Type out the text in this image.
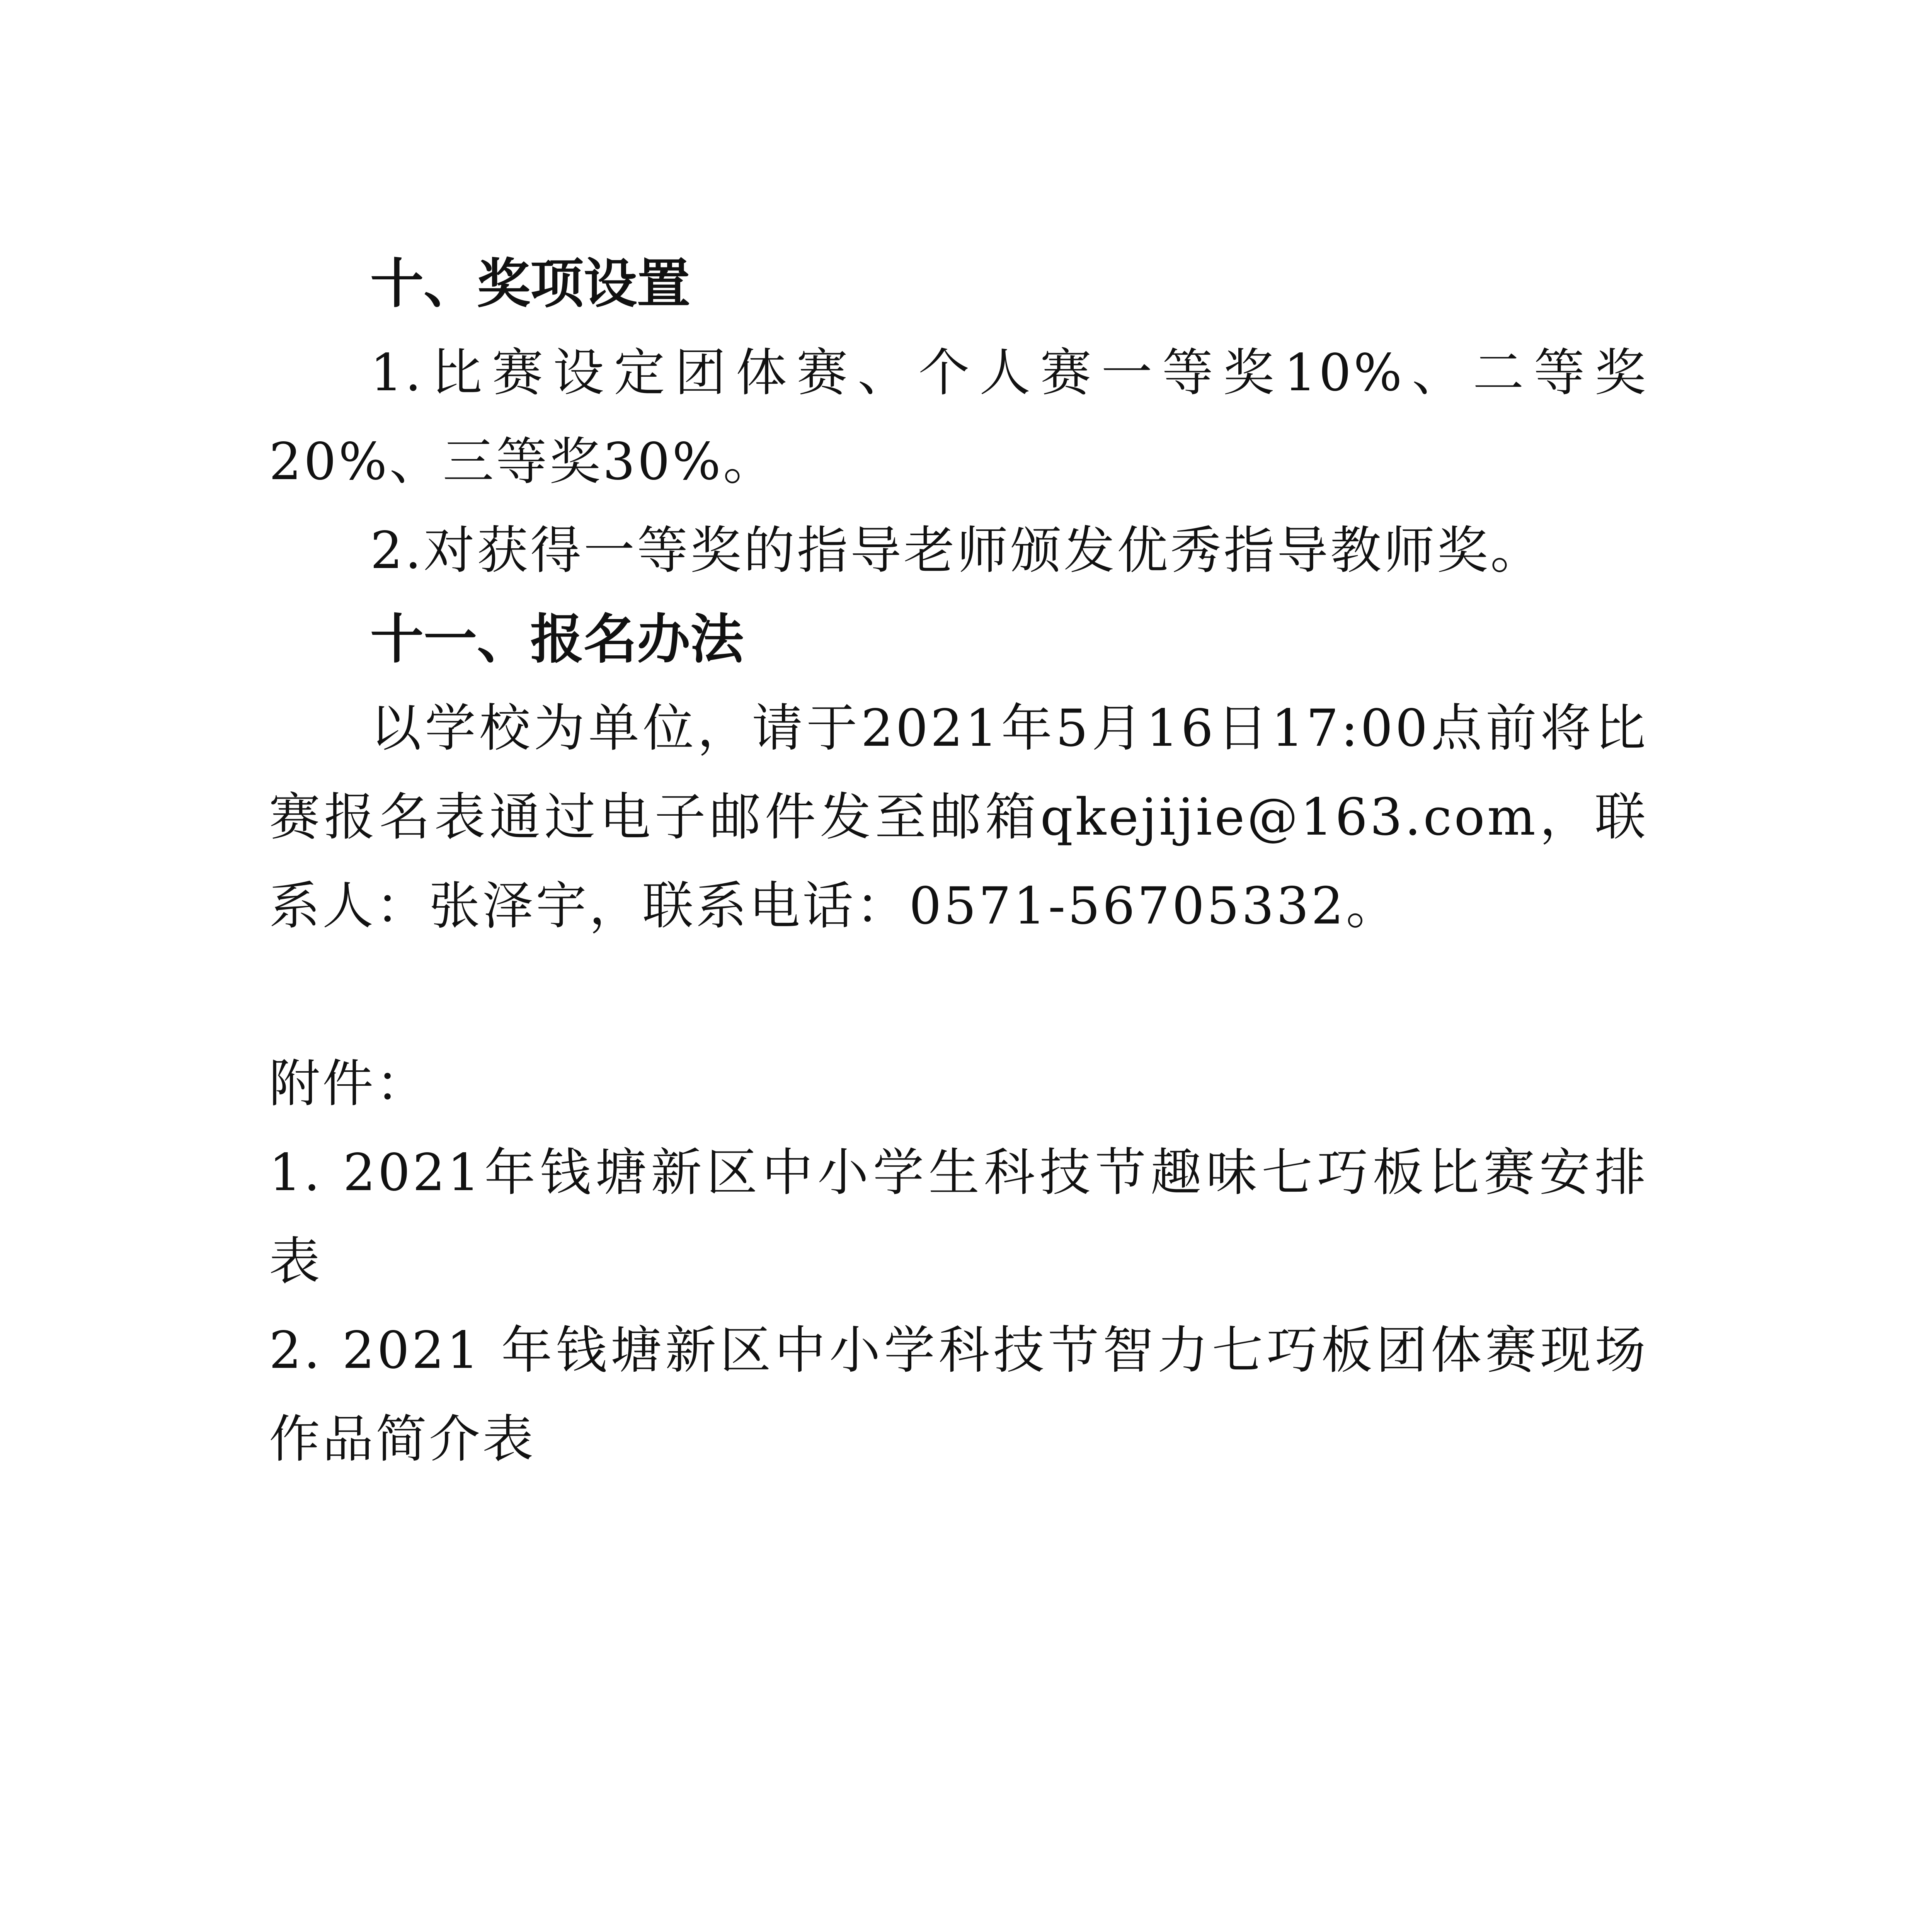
十、奖项设置

1.比赛设定团体赛、个人赛一等奖10%、二等奖20%、三等奖30%。

2.对获得一等奖的指导老师颁发优秀指导教师奖。

十一、报名办法

以学校为单位，请于2021年5月16日17:00点前将比赛报名表通过电子邮件发至邮箱qkejijie@163.com，联系人：张泽宇，联系电话：0571-56705332。

附件：

1. 2021年钱塘新区中小学生科技节趣味七巧板比赛安排表

2. 2021 年钱塘新区中小学科技节智力七巧板团体赛现场作品简介表
